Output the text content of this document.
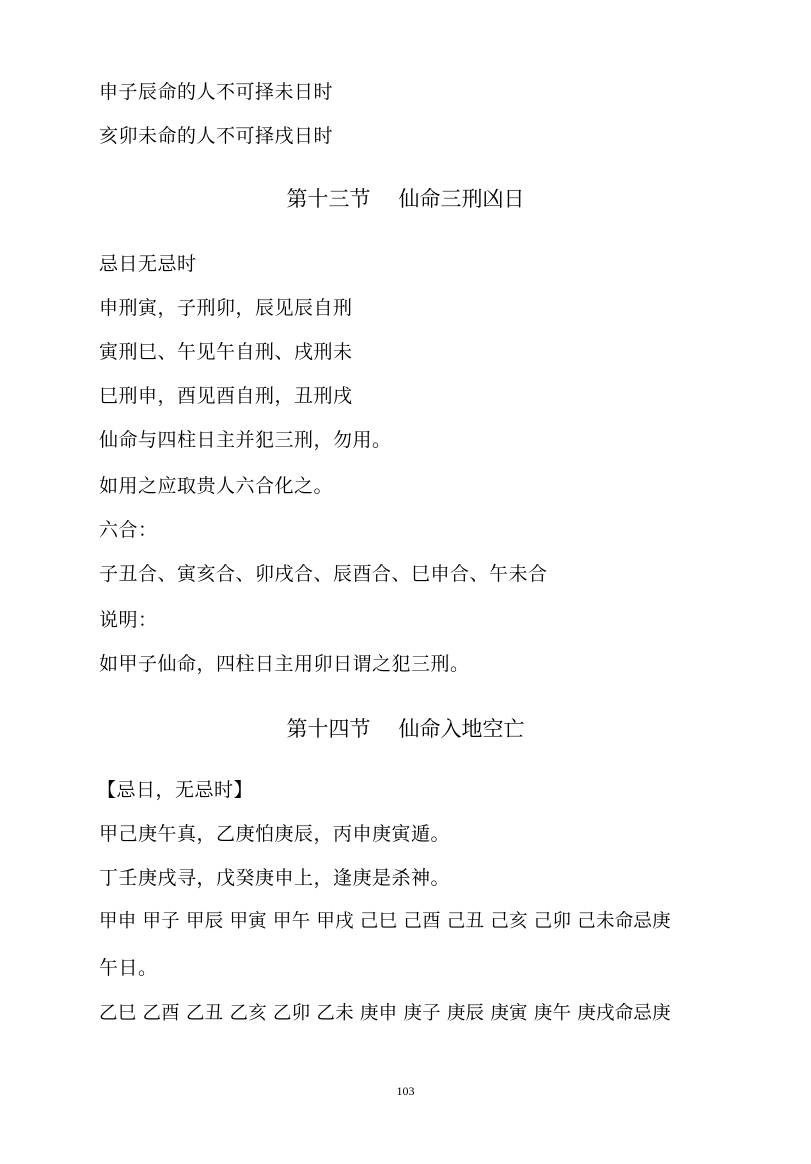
申子辰命的人不可择未日时
亥卯未命的人不可择戌日时
第十三节 仙命三刑凶日
忌日无忌时
申刑寅，子刑卯，辰见辰自刑
寅刑巳、午见午自刑、戌刑未
巳刑申，酉见酉自刑，丑刑戌
仙命与四柱日主并犯三刑，勿用。
如用之应取贵人六合化之。
六合：
子丑合、寅亥合、卯戌合、辰酉合、巳申合、午未合
说明：
如甲子仙命，四柱日主用卯日谓之犯三刑。
第十四节 仙命入地空亡
【忌日，无忌时】
甲己庚午真，乙庚怕庚辰，丙申庚寅遁。
丁壬庚戌寻，戊癸庚申上，逢庚是杀神。
甲申 甲子 甲辰 甲寅 甲午 甲戌 己巳 己酉 己丑 己亥 己卯 己未命忌庚
午日。
乙巳 乙酉 乙丑 乙亥 乙卯 乙未 庚申 庚子 庚辰 庚寅 庚午 庚戌命忌庚
103
